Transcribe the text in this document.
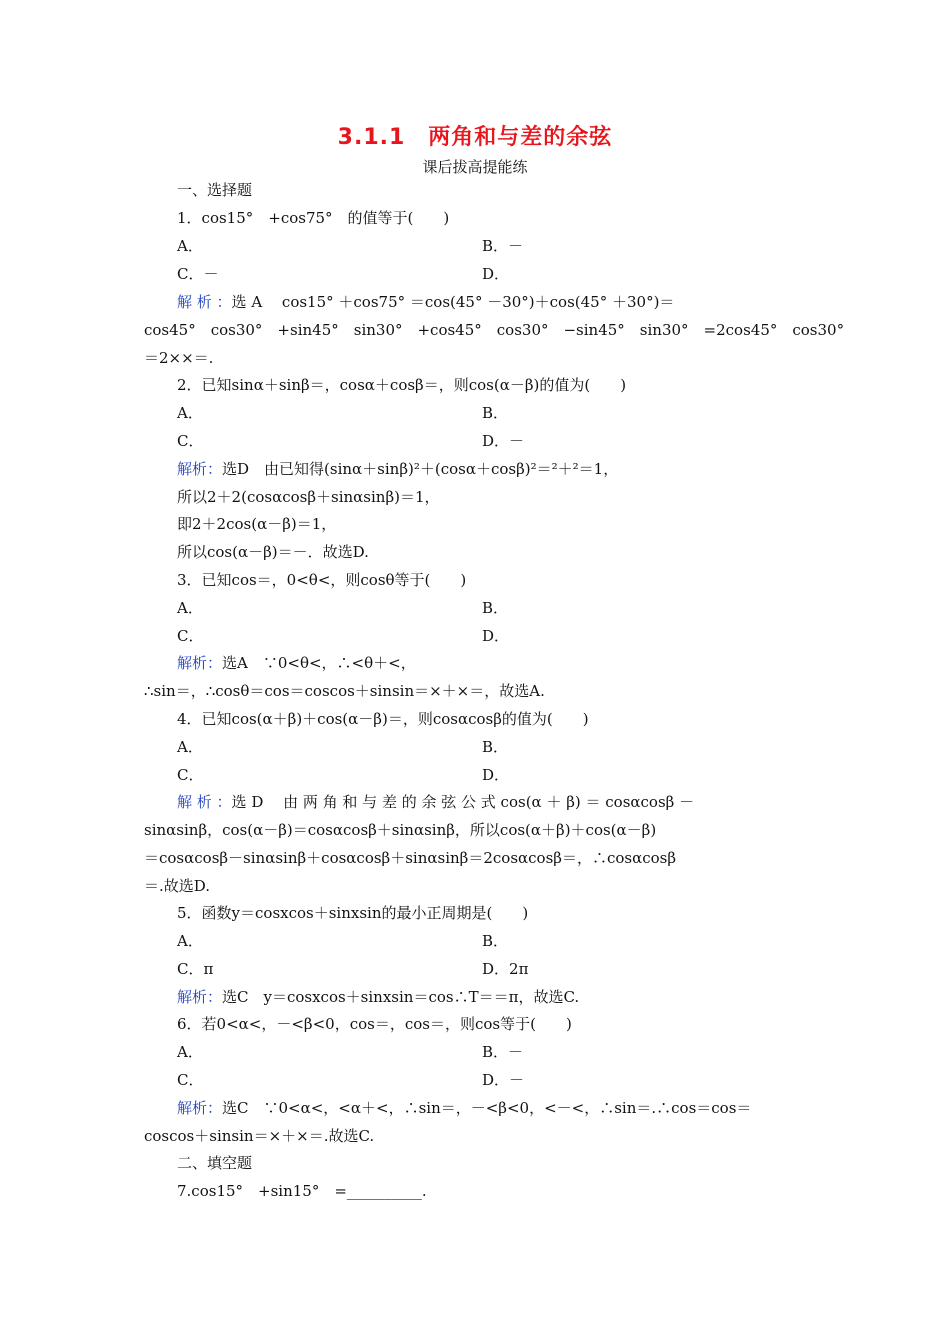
3.1.1　两角和与差的余弦
课后拔高提能练
一、选择题
1．cos15°　+cos75°　的值等于(　　)
A．	B．－
C．－	D．
解 析 ：选 A　 cos15° ＋cos75° ＝cos(45° －30°)＋cos(45° ＋30°)＝
cos45°　cos30°　+sin45°　sin30°　+cos45°　cos30°　−sin45°　sin30°　=2cos45°　cos30°
＝2××＝.
2．已知sinα＋sinβ＝，cosα＋cosβ＝，则cos(α－β)的值为(　　)
A．	B．
C．	D．－
解析：选D　由已知得(sinα＋sinβ)²＋(cosα＋cosβ)²＝²＋²＝1，
所以2＋2(cosαcosβ＋sinαsinβ)＝1，
即2＋2cos(α－β)＝1，
所以cos(α－β)＝－．故选D.
3．已知cos＝，0<θ<，则cosθ等于(　　)
A．	B．
C．	D．
解析：选A　∵0<θ<，∴<θ＋<，
∴sin＝，∴cosθ＝cos＝coscos＋sinsin＝×＋×＝，故选A.
4．已知cos(α＋β)＋cos(α－β)＝，则cosαcosβ的值为(　　)
A．	B．
C．	D．
解 析 ：选 D　 由 两 角 和 与 差 的 余 弦 公 式 cos(α ＋ β) ＝ cosαcosβ －
sinαsinβ，cos(α－β)＝cosαcosβ＋sinαsinβ，所以cos(α＋β)＋cos(α－β)
＝cosαcosβ－sinαsinβ＋cosαcosβ＋sinαsinβ＝2cosαcosβ＝，∴cosαcosβ
＝.故选D.
5．函数y＝cosxcos＋sinxsin的最小正周期是(　　)
A．	B．
C．π	D．2π
解析：选C　y＝cosxcos＋sinxsin＝cos∴T＝＝π，故选C.
6．若0<α<，－<β<0，cos＝，cos＝，则cos等于(　　)
A．	B．－
C．	D．－
解析：选C　∵0<α<，<α＋<，∴sin＝，－<β<0，<－<，∴sin＝.∴cos＝cos＝
coscos＋sinsin＝×＋×＝.故选C.
二、填空题
7.cos15°　+sin15°　=__________.
